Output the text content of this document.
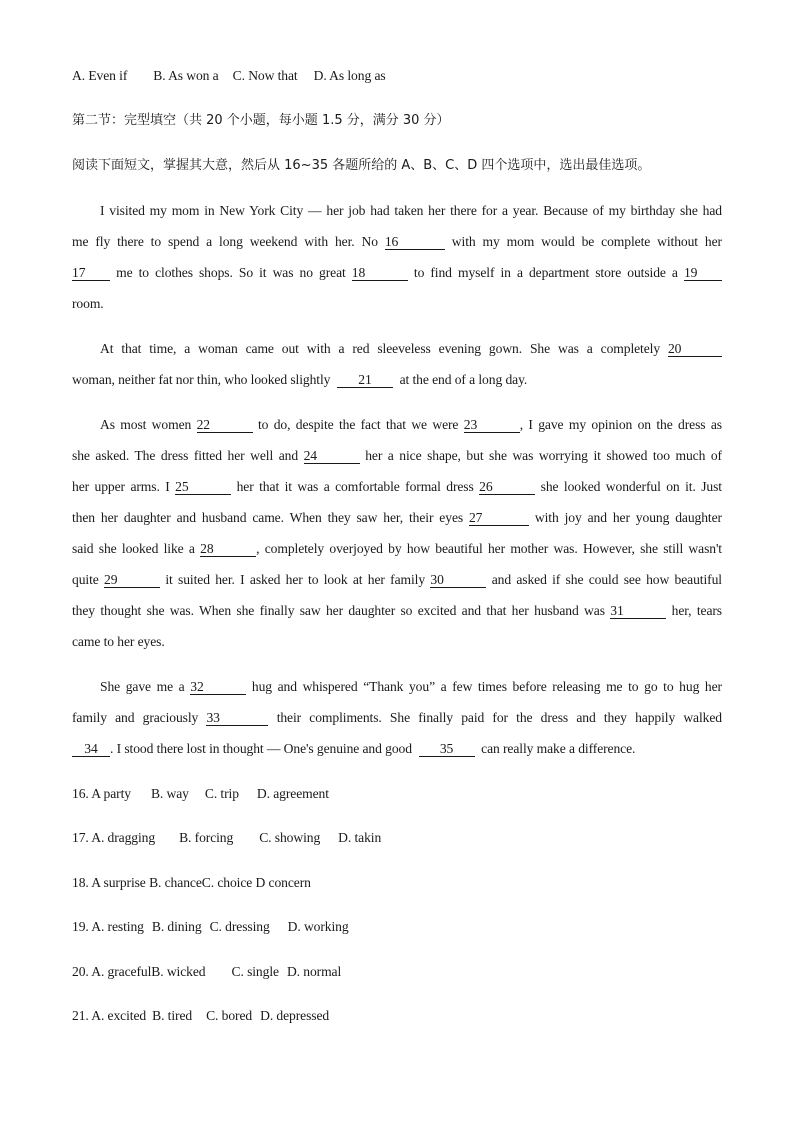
A. Even if B. As won a C. Now that D. As long as
第二节：完型填空（共 20 个小题，每小题 1.5 分，满分 30 分）
阅读下面短文，掌握其大意，然后从 16~35 各题所给的 A、B、C、D 四个选项中，选出最佳选项。
I visited my mom in New York City — her job had taken her there for a year. Because of my birthday she had
me fly there to spend a long weekend with her. No 16	with my mom would be complete without her
17 me to clothes shops. So it was no great 18	to find myself in a department store outside a 19
room.
At that time, a woman came out with a red sleeveless evening gown. She was a completely 20
woman, neither fat nor thin, who looked slightly 21 at the end of a long day.
As most women 22	to do, despite the fact that we were 23	, I gave my opinion on the dress as
she asked. The dress fitted her well and 24	her a nice shape, but she was worrying it showed too much of
her upper arms. I 25	her that it was a comfortable formal dress 26	she looked wonderful on it. Just
then her daughter and husband came. When they saw her, their eyes 27	with joy and her young daughter
said she looked like a 28	, completely overjoyed by how beautiful her mother was. However, she still wasn't
quite 29	it suited her. I asked her to look at her family 30	and asked if she could see how beautiful
they thought she was. When she finally saw her daughter so excited and that her husband was 31	her, tears
came to her eyes.
She gave me a 32	hug and whispered “Thank you” a few times before releasing me to go to hug her
family and graciously 33	their compliments. She finally paid for the dress and they happily walked
34 . I stood there lost in thought — One's genuine and good 35 can really make a difference.
16. A party B. way C. trip D. agreement
17. A. dragging B. forcing C. showing D. takin
18. A surprise B. chanceC. choice D concern
19. A. resting B. dining C. dressing D. working
20. A. gracefulB. wicked C. single D. normal
21. A. excited B. tired C. bored D. depressed
